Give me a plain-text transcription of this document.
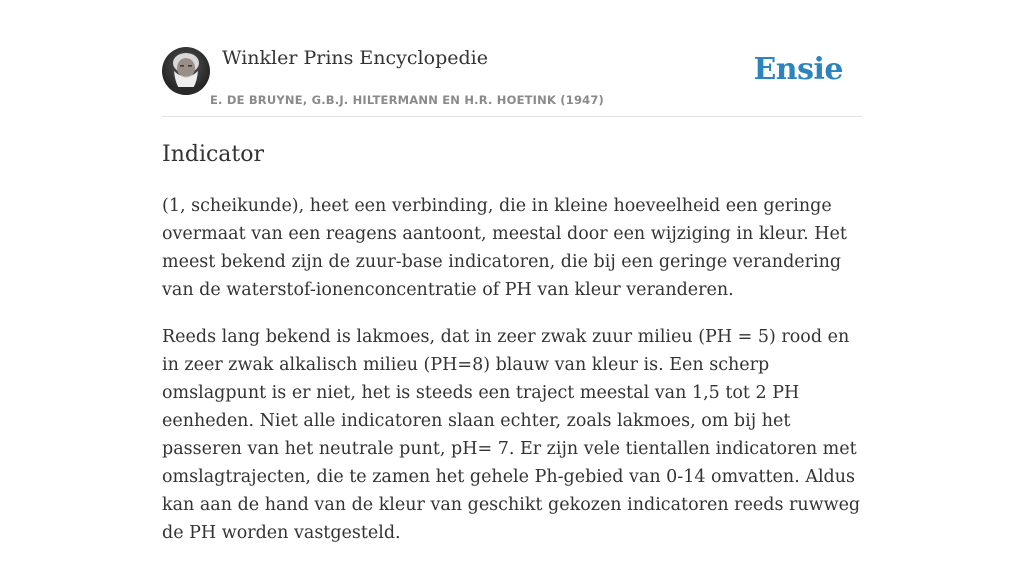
Winkler Prins Encyclopedie
E. DE BRUYNE, G.B.J. HILTERMANN EN H.R. HOETINK (1947)
Ensie
Indicator

(1, scheikunde), heet een verbinding, die in kleine hoeveelheid een geringe overmaat van een reagens aantoont, meestal door een wijziging in kleur. Het meest bekend zijn de zuur-base indicatoren, die bij een geringe verandering van de waterstof-ionenconcentratie of PH van kleur veranderen.

Reeds lang bekend is lakmoes, dat in zeer zwak zuur milieu (PH = 5) rood en in zeer zwak alkalisch milieu (PH=8) blauw van kleur is. Een scherp omslagpunt is er niet, het is steeds een traject meestal van 1,5 tot 2 PH eenheden. Niet alle indicatoren slaan echter, zoals lakmoes, om bij het passeren van het neutrale punt, pH= 7. Er zijn vele tientallen indicatoren met omslagtrajecten, die te zamen het gehele Ph-gebied van 0-14 omvatten. Aldus kan aan de hand van de kleur van geschikt gekozen indicatoren reeds ruwweg de PH worden vastgesteld.
